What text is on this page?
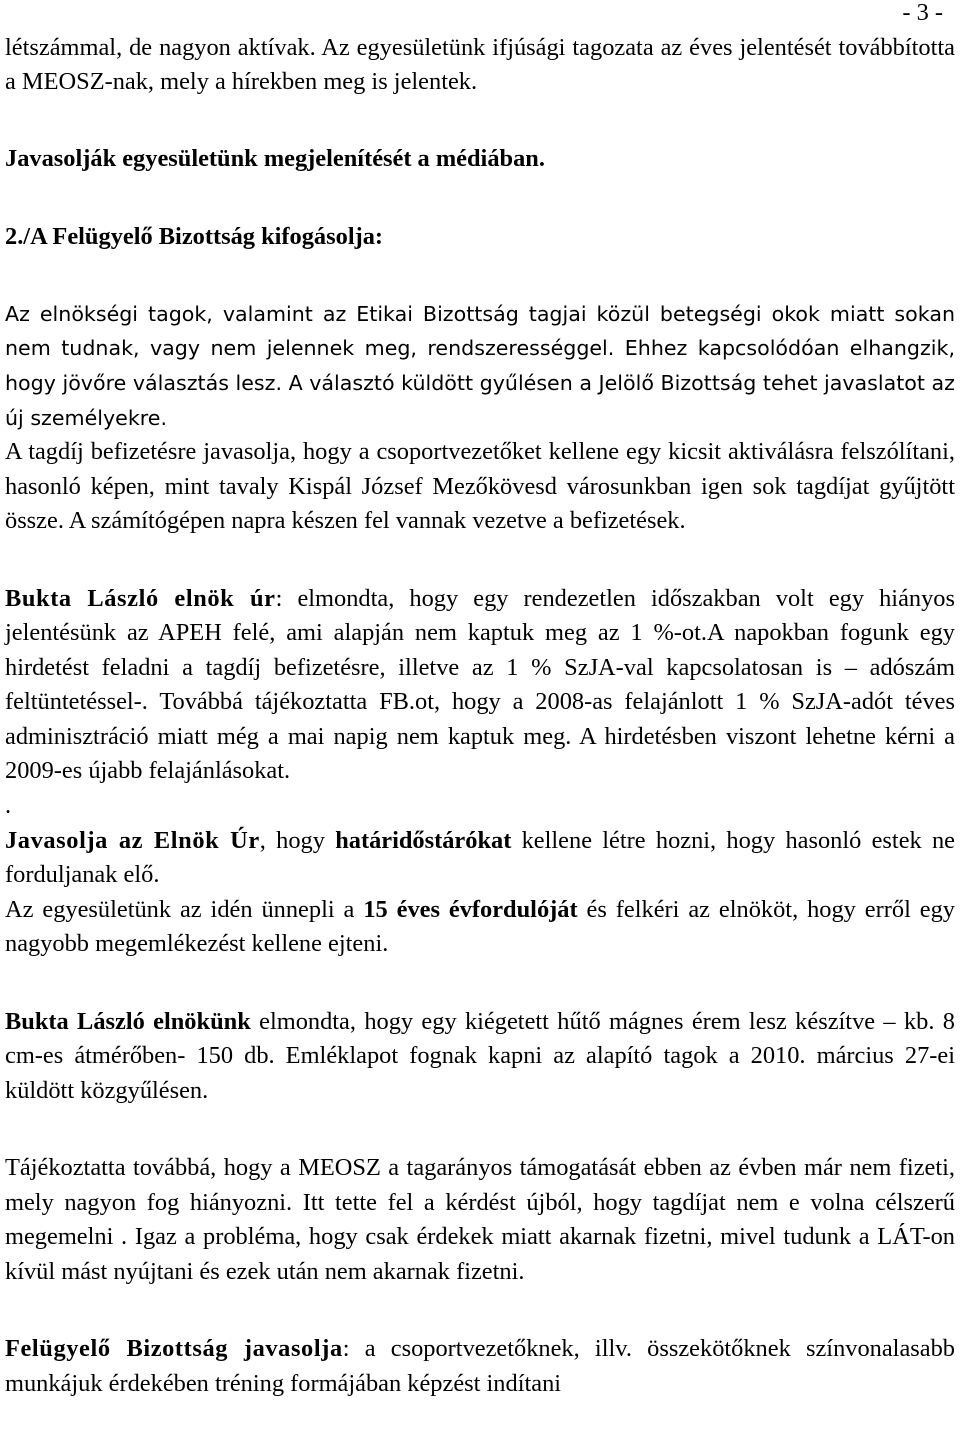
- 3 -

létszámmal, de nagyon aktívak. Az egyesületünk ifjúsági tagozata az éves jelentését továbbította a MEOSZ-nak, mely a hírekben meg is jelentek.

Javasolják egyesületünk megjelenítését a médiában.

2./A Felügyelő Bizottság kifogásolja:

Az elnökségi tagok, valamint az Etikai Bizottság tagjai közül betegségi okok miatt sokan nem tudnak, vagy nem jelennek meg, rendszerességgel. Ehhez kapcsolódóan elhangzik, hogy jövőre választás lesz. A választó küldött gyűlésen a Jelölő Bizottság tehet javaslatot az új személyekre.

A tagdíj befizetésre javasolja, hogy a csoportvezetőket kellene egy kicsit aktiválásra felszólítani, hasonló képen, mint tavaly Kispál József Mezőkövesd városunkban igen sok tagdíjat gyűjtött össze. A számítógépen napra készen fel vannak vezetve a befizetések.

Bukta László elnök úr: elmondta, hogy egy rendezetlen időszakban volt egy hiányos jelentésünk az APEH felé, ami alapján nem kaptuk meg az 1 %-ot.A napokban fogunk egy hirdetést feladni a tagdíj befizetésre, illetve az 1 % SzJA-val kapcsolatosan is – adószám feltüntetéssel-. Továbbá tájékoztatta FB.ot, hogy a 2008-as felajánlott 1 % SzJA-adót téves adminisztráció miatt még a mai napig nem kaptuk meg. A hirdetésben viszont lehetne kérni a 2009-es újabb felajánlásokat.

.

Javasolja az Elnök Úr, hogy határidőstárókat kellene létre hozni, hogy hasonló estek ne forduljanak elő.

Az egyesületünk az idén ünnepli a 15 éves évfordulóját és felkéri az elnököt, hogy erről egy nagyobb megemlékezést kellene ejteni.

Bukta László elnökünk elmondta, hogy egy kiégetett hűtő mágnes érem lesz készítve – kb. 8 cm-es átmérőben- 150 db. Emléklapot fognak kapni az alapító tagok a 2010. március 27-ei küldött közgyűlésen.

Tájékoztatta továbbá, hogy a MEOSZ a tagarányos támogatását ebben az évben már nem fizeti, mely nagyon fog hiányozni. Itt tette fel a kérdést újból, hogy tagdíjat nem e volna célszerű megemelni . Igaz a probléma, hogy csak érdekek miatt akarnak fizetni, mivel tudunk a LÁT-on kívül mást nyújtani és ezek után nem akarnak fizetni.

Felügyelő Bizottság javasolja: a csoportvezetőknek, illv. összekötőknek színvonalasabb munkájuk érdekében tréning formájában képzést indítani
